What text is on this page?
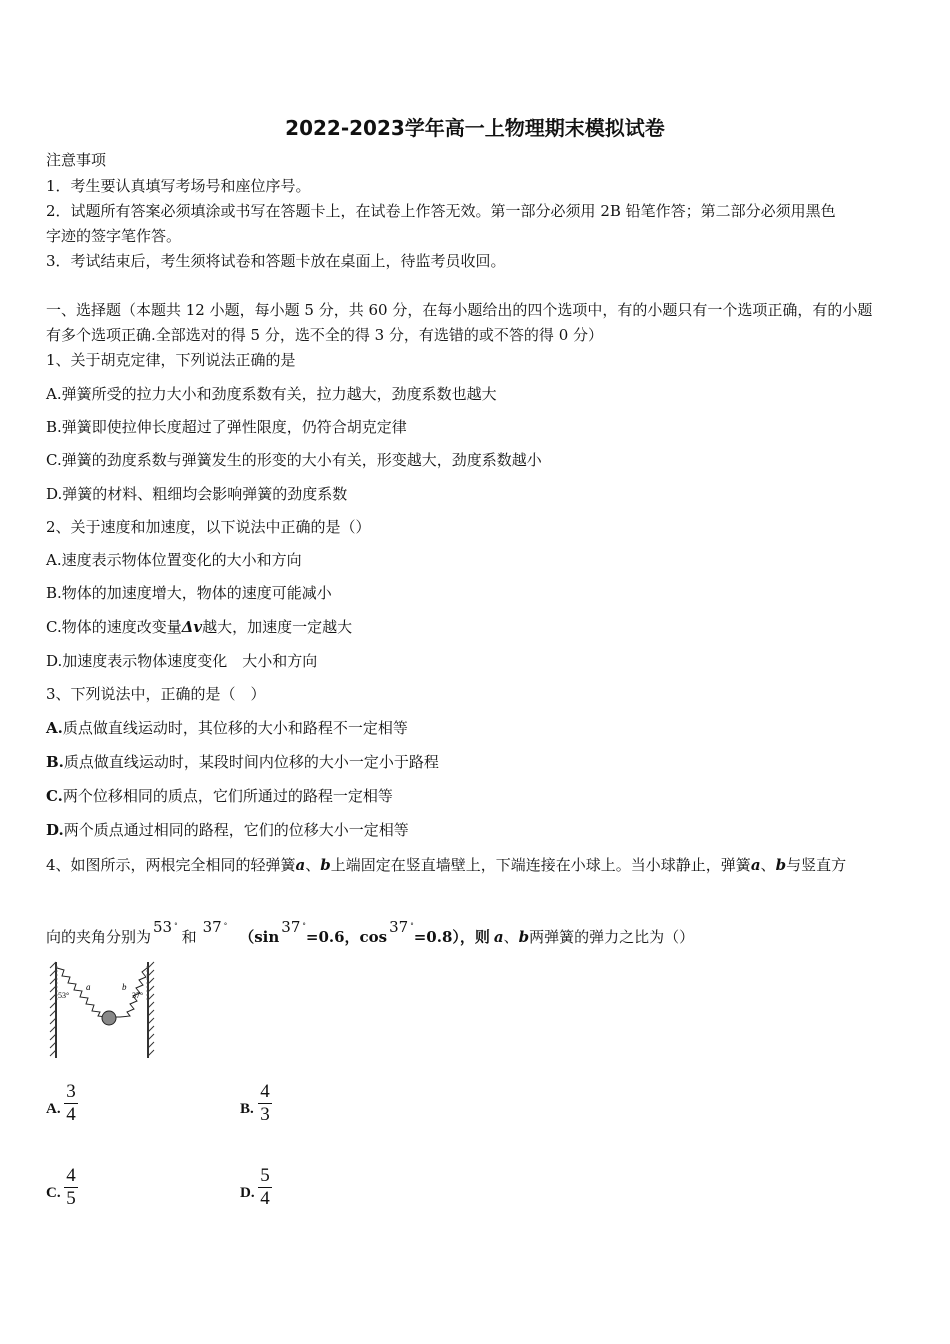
2022-2023学年高一上物理期末模拟试卷
注意事项
1．考生要认真填写考场号和座位序号。
2．试题所有答案必须填涂或书写在答题卡上，在试卷上作答无效。第一部分必须用 2B 铅笔作答；第二部分必须用黑色
字迹的签字笔作答。
3．考试结束后，考生须将试卷和答题卡放在桌面上，待监考员收回。
一、选择题（本题共 12 小题，每小题 5 分，共 60 分，在每小题给出的四个选项中，有的小题只有一个选项正确，有的小题
有多个选项正确.全部选对的得 5 分，选不全的得 3 分，有选错的或不答的得 0 分）
1、关于胡克定律，下列说法正确的是
A.弹簧所受的拉力大小和劲度系数有关，拉力越大，劲度系数也越大
B.弹簧即使拉伸长度超过了弹性限度，仍符合胡克定律
C.弹簧的劲度系数与弹簧发生的形变的大小有关，形变越大，劲度系数越小
D.弹簧的材料、粗细均会影响弹簧的劲度系数
2、关于速度和加速度，以下说法中正确的是（）
A.速度表示物体位置变化的大小和方向
B.物体的加速度增大，物体的速度可能减小
C.物体的速度改变量Δv越大，加速度一定越大
D.加速度表示物体速度变化　大小和方向
3、下列说法中，正确的是（　）
A.质点做直线运动时，其位移的大小和路程不一定相等
B.质点做直线运动时，某段时间内位移的大小一定小于路程
C.两个位移相同的质点，它们所通过的路程一定相等
D.两个质点通过相同的路程，它们的位移大小一定相等
4、如图所示，两根完全相同的轻弹簧a、b上端固定在竖直墙壁上，下端连接在小球上。当小球静止，弹簧a、b与竖直方
向的夹角分别为$^{53}$ °和$^{37}$ $^\circ(\sin^{37}$ °=0.6，$\cos^{37} ^\circ=0.8$），则 a、b两弹簧的弹力之比为（）
53°
a	b
37°
A. $\frac{3}{4}$	B. $\frac{4}{3}$
C. $\frac{4}{5}$	D. $\frac{5}{4}$
